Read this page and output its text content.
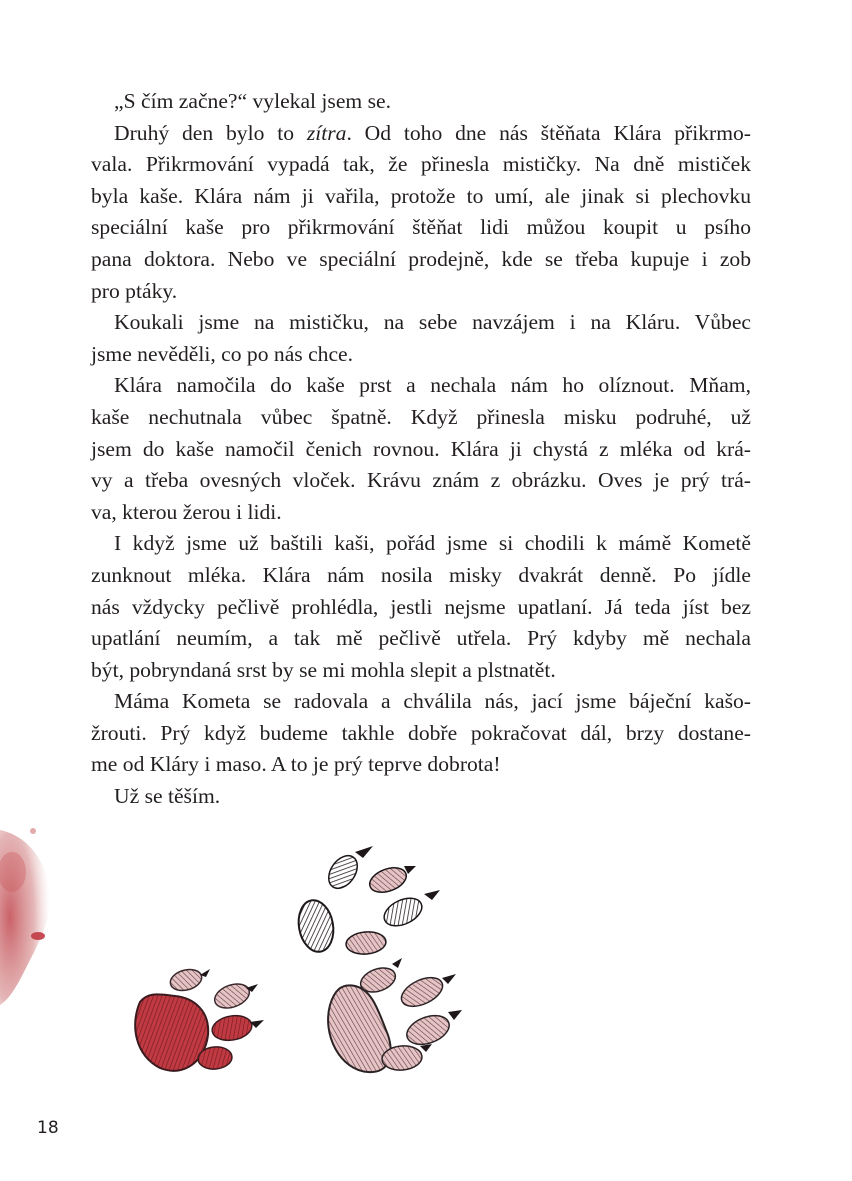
„S čím začne?“ vylekal jsem se.
Druhý den bylo to zítra. Od toho dne nás štěňata Klára přikrmo-
vala. Přikrmování vypadá tak, že přinesla mističky. Na dně mističek
byla kaše. Klára nám ji vařila, protože to umí, ale jinak si plechovku
speciální kaše pro přikrmování štěňat lidi můžou koupit u psího
pana doktora. Nebo ve speciální prodejně, kde se třeba kupuje i zob
pro ptáky.
Koukali jsme na mističku, na sebe navzájem i na Kláru. Vůbec
jsme nevěděli, co po nás chce.
Klára namočila do kaše prst a nechala nám ho olíznout. Mňam,
kaše nechutnala vůbec špatně. Když přinesla misku podruhé, už
jsem do kaše namočil čenich rovnou. Klára ji chystá z mléka od krá-
vy a třeba ovesných vloček. Krávu znám z obrázku. Oves je prý trá-
va, kterou žerou i lidi.
I když jsme už baštili kaši, pořád jsme si chodili k mámě Kometě
zunknout mléka. Klára nám nosila misky dvakrát denně. Po jídle
nás vždycky pečlivě prohlédla, jestli nejsme upatlaní. Já teda jíst bez
upatlání neumím, a tak mě pečlivě utřela. Prý kdyby mě nechala
být, pobryndaná srst by se mi mohla slepit a plstnatět.
Máma Kometa se radovala a chválila nás, jací jsme báječní kašo-
žrouti. Prý když budeme takhle dobře pokračovat dál, brzy dostane-
me od Kláry i maso. A to je prý teprve dobrota!
Už se těším.
18
